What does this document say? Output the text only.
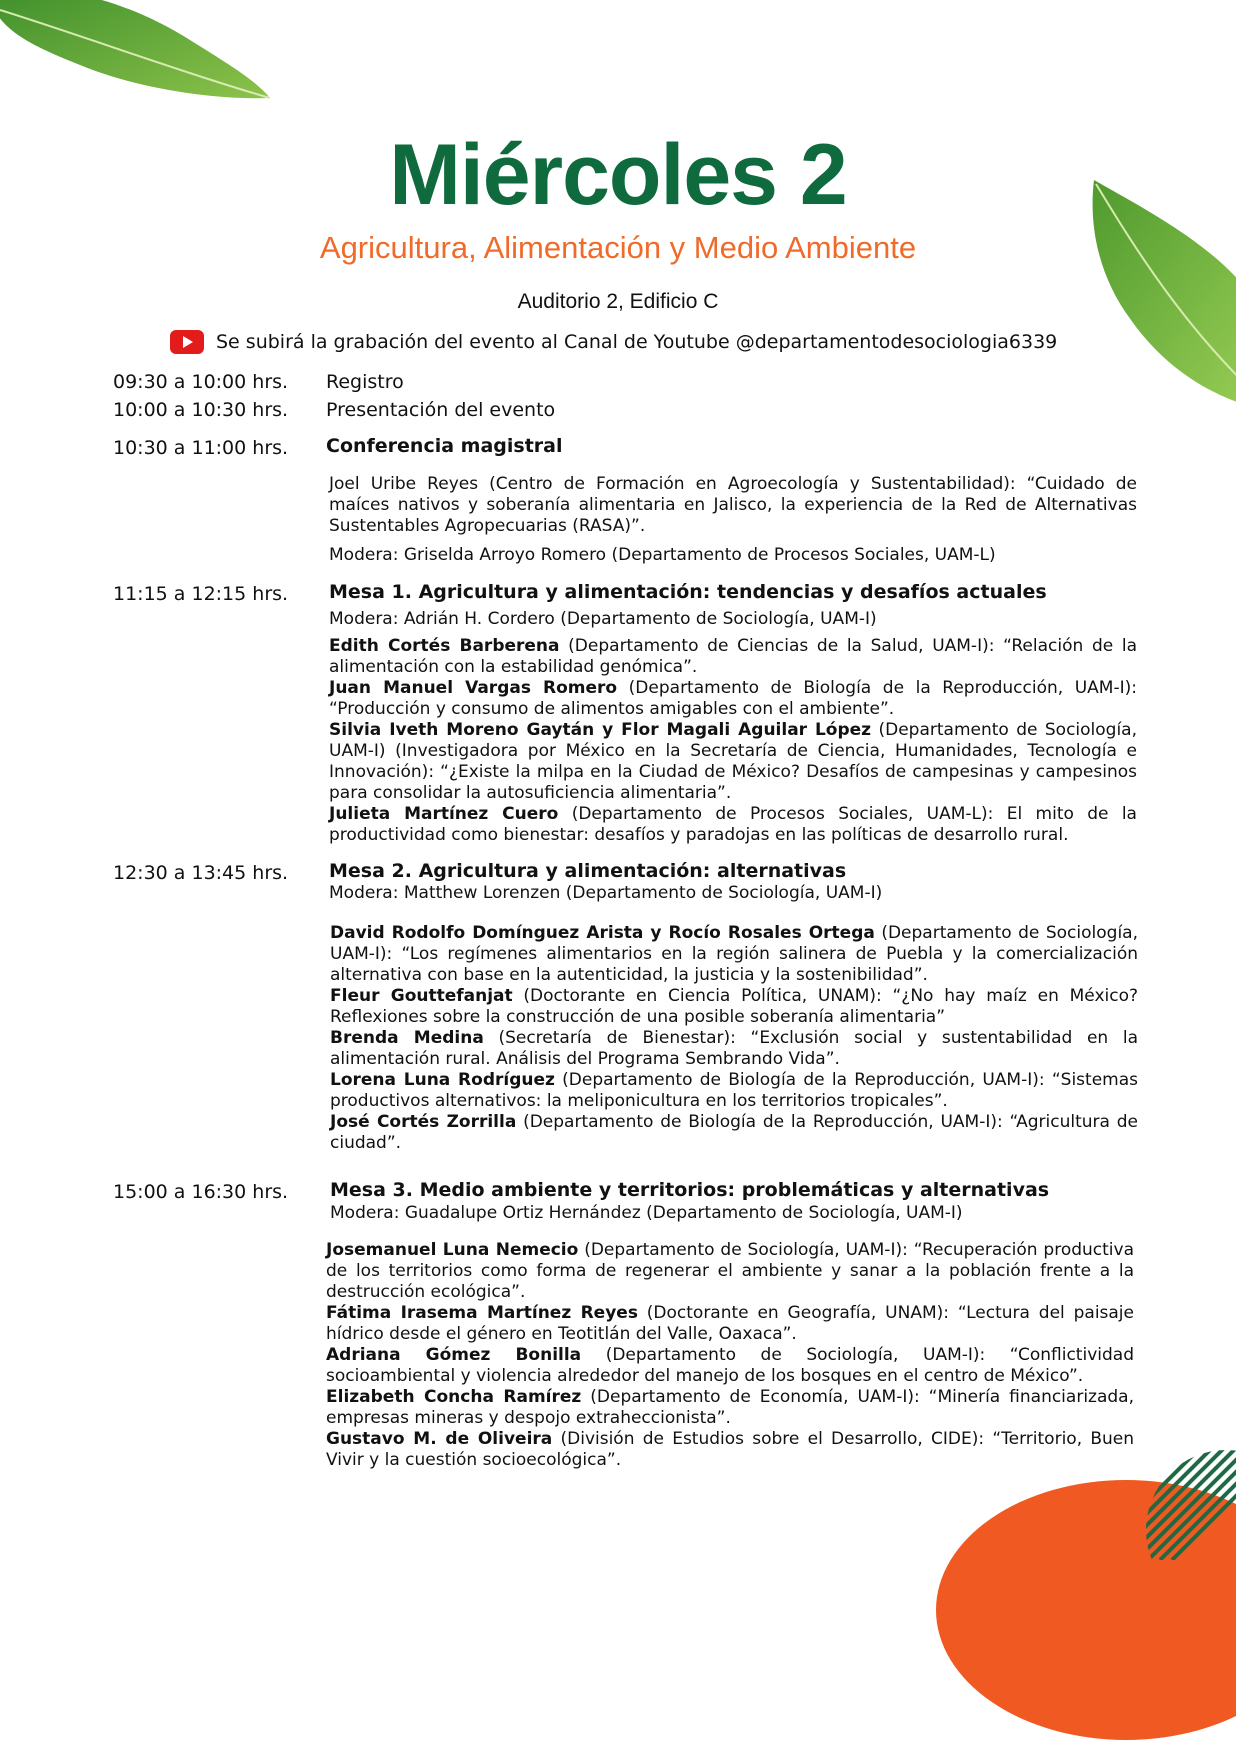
Miércoles 2
Agricultura, Alimentación y Medio Ambiente
Auditorio 2, Edificio C
Se subirá la grabación del evento al Canal de Youtube @departamentodesociologia6339
09:30 a 10:00 hrs. Registro
10:00 a 10:30 hrs. Presentación del evento
10:30 a 11:00 hrs. Conferencia magistral
Joel Uribe Reyes (Centro de Formación en Agroecología y Sustentabilidad): “Cuidado de maíces nativos y soberanía alimentaria en Jalisco, la experiencia de la Red de Alternativas Sustentables Agropecuarias (RASA)”.
Modera: Griselda Arroyo Romero (Departamento de Procesos Sociales, UAM-L)
11:15 a 12:15 hrs. Mesa 1. Agricultura y alimentación: tendencias y desafíos actuales
Modera: Adrián H. Cordero (Departamento de Sociología, UAM-I)

Edith Cortés Barberena (Departamento de Ciencias de la Salud, UAM-I): “Relación de la alimentación con la estabilidad genómica”.

Juan Manuel Vargas Romero (Departamento de Biología de la Reproducción, UAM-I): “Producción y consumo de alimentos amigables con el ambiente”.

Silvia Iveth Moreno Gaytán y Flor Magali Aguilar López (Departamento de Sociología, UAM-I) (Investigadora por México en la Secretaría de Ciencia, Humanidades, Tecnología e Innovación): “¿Existe la milpa en la Ciudad de México? Desafíos de campesinas y campesinos para consolidar la autosuficiencia alimentaria”.

Julieta Martínez Cuero (Departamento de Procesos Sociales, UAM-L): El mito de la productividad como bienestar: desafíos y paradojas en las políticas de desarrollo rural.

12:30 a 13:45 hrs. Mesa 2. Agricultura y alimentación: alternativas
Modera: Matthew Lorenzen (Departamento de Sociología, UAM-I)

David Rodolfo Domínguez Arista y Rocío Rosales Ortega (Departamento de Sociología, UAM-I): “Los regímenes alimentarios en la región salinera de Puebla y la comercialización alternativa con base en la autenticidad, la justicia y la sostenibilidad”.

Fleur Gouttefanjat (Doctorante en Ciencia Política, UNAM): “¿No hay maíz en México? Reflexiones sobre la construcción de una posible soberanía alimentaria”

Brenda Medina (Secretaría de Bienestar): “Exclusión social y sustentabilidad en la alimentación rural. Análisis del Programa Sembrando Vida”.

Lorena Luna Rodríguez (Departamento de Biología de la Reproducción, UAM-I): “Sistemas productivos alternativos: la meliponicultura en los territorios tropicales”.

José Cortés Zorrilla (Departamento de Biología de la Reproducción, UAM-I): “Agricultura de ciudad”.

15:00 a 16:30 hrs. Mesa 3. Medio ambiente y territorios: problemáticas y alternativas
Modera: Guadalupe Ortiz Hernández (Departamento de Sociología, UAM-I)

Josemanuel Luna Nemecio (Departamento de Sociología, UAM-I): “Recuperación productiva de los territorios como forma de regenerar el ambiente y sanar a la población frente a la destrucción ecológica”.

Fátima Irasema Martínez Reyes (Doctorante en Geografía, UNAM): “Lectura del paisaje hídrico desde el género en Teotitlán del Valle, Oaxaca”.

Adriana Gómez Bonilla (Departamento de Sociología, UAM-I): “Conflictividad socioambiental y violencia alrededor del manejo de los bosques en el centro de México”.

Elizabeth Concha Ramírez (Departamento de Economía, UAM-I): “Minería financiarizada, empresas mineras y despojo extraheccionista”.

Gustavo M. de Oliveira (División de Estudios sobre el Desarrollo, CIDE): “Territorio, Buen Vivir y la cuestión socioecológica”.
